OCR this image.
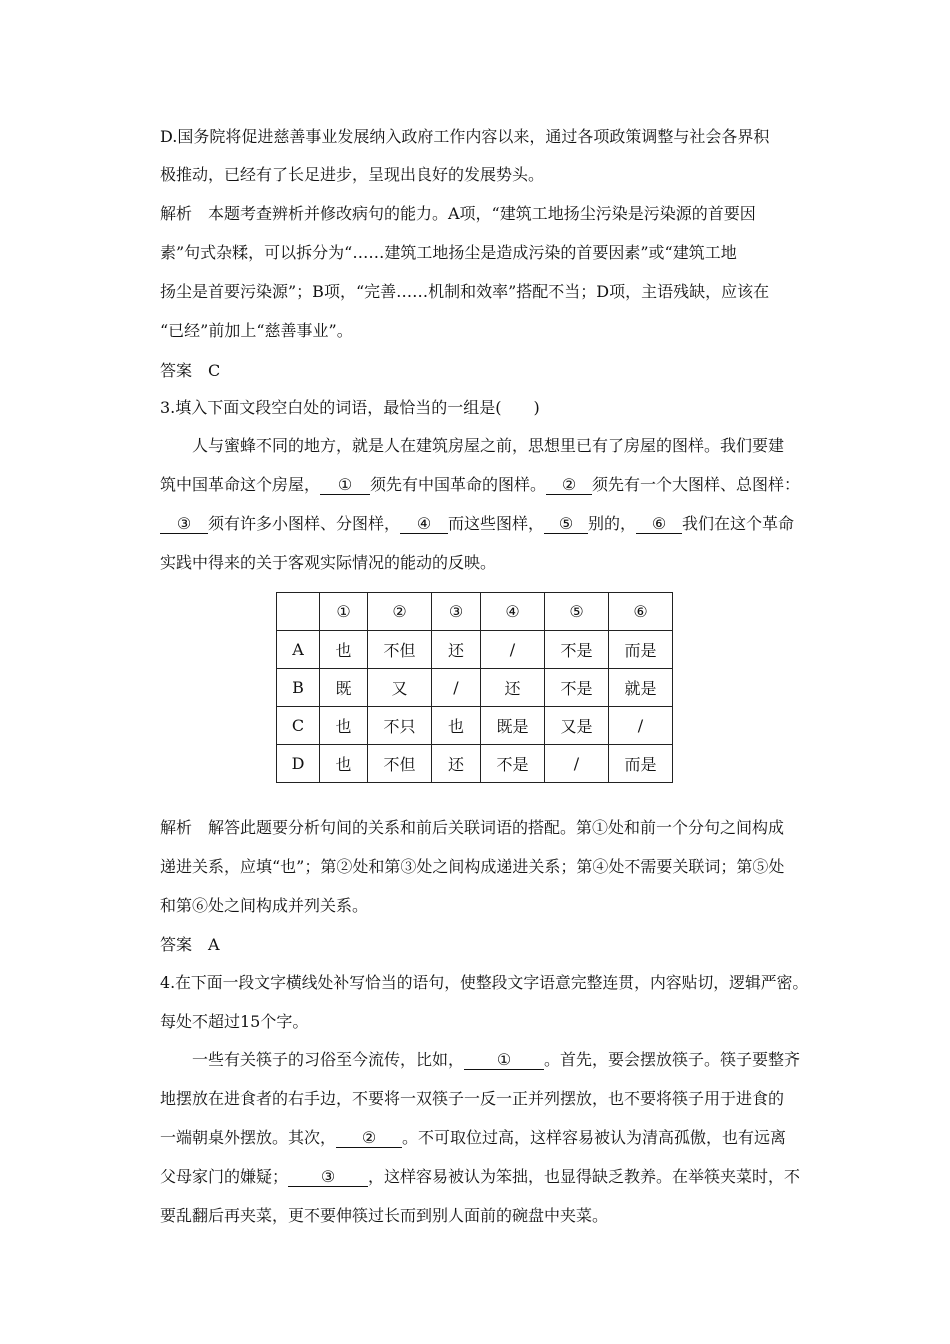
D.国务院将促进慈善事业发展纳入政府工作内容以来，通过各项政策调整与社会各界积
极推动，已经有了长足进步，呈现出良好的发展势头。
解析　本题考查辨析并修改病句的能力。A项，“建筑工地扬尘污染是污染源的首要因
素”句式杂糅，可以拆分为“……建筑工地扬尘是造成污染的首要因素”或“建筑工地
扬尘是首要污染源”；B项，“完善……机制和效率”搭配不当；D项，主语残缺，应该在
“已经”前加上“慈善事业”。
答案　C
3.填入下面文段空白处的词语，最恰当的一组是(　　)
人与蜜蜂不同的地方，就是人在建筑房屋之前，思想里已有了房屋的图样。我们要建
筑中国革命这个房屋， ① 须先有中国革命的图样。 ② 须先有一个大图样、总图样：
③ 须有许多小图样、分图样， ④ 而这些图样， ⑤ 别的， ⑥ 我们在这个革命
实践中得来的关于客观实际情况的能动的反映。
	①	②	③	④	⑤	⑥
A	也	不但	还	/	不是	而是
B	既	又	/	还	不是	就是
C	也	不只	也	既是	又是	/
D	也	不但	还	不是	/	而是
解析　解答此题要分析句间的关系和前后关联词语的搭配。第①处和前一个分句之间构成
递进关系，应填“也”；第②处和第③处之间构成递进关系；第④处不需要关联词；第⑤处
和第⑥处之间构成并列关系。
答案　A
4.在下面一段文字横线处补写恰当的语句，使整段文字语意完整连贯，内容贴切，逻辑严密。
每处不超过15个字。
一些有关筷子的习俗至今流传，比如， ① 。首先，要会摆放筷子。筷子要整齐
地摆放在进食者的右手边，不要将一双筷子一反一正并列摆放，也不要将筷子用于进食的
一端朝桌外摆放。其次， ② 。不可取位过高，这样容易被认为清高孤傲，也有远离
父母家门的嫌疑； ③ ，这样容易被认为笨拙，也显得缺乏教养。在举筷夹菜时，不
要乱翻后再夹菜，更不要伸筷过长而到别人面前的碗盘中夹菜。
